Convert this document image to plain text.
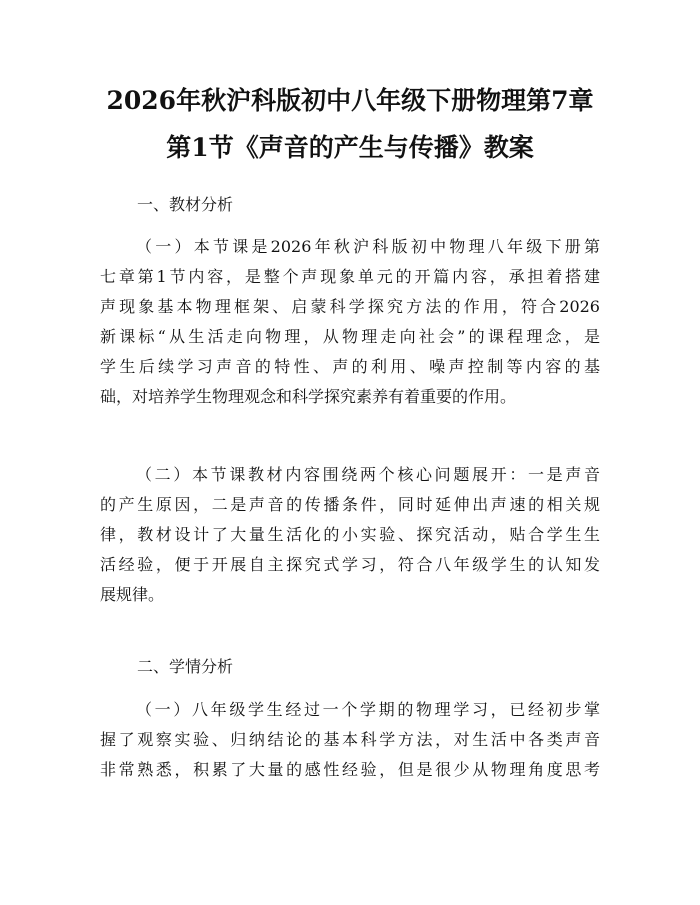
2026年秋沪科版初中八年级下册物理第7章
第1节《声音的产生与传播》教案
一、教材分析
（一）本节课是2026年秋沪科版初中物理八年级下册第
七章第1节内容，是整个声现象单元的开篇内容，承担着搭建
声现象基本物理框架、启蒙科学探究方法的作用，符合2026
新课标“从生活走向物理，从物理走向社会”的课程理念，是
学生后续学习声音的特性、声的利用、噪声控制等内容的基
础，对培养学生物理观念和科学探究素养有着重要的作用。
（二）本节课教材内容围绕两个核心问题展开：一是声音
的产生原因，二是声音的传播条件，同时延伸出声速的相关规
律，教材设计了大量生活化的小实验、探究活动，贴合学生生
活经验，便于开展自主探究式学习，符合八年级学生的认知发
展规律。
二、学情分析
（一）八年级学生经过一个学期的物理学习，已经初步掌
握了观察实验、归纳结论的基本科学方法，对生活中各类声音
非常熟悉，积累了大量的感性经验，但是很少从物理角度思考
